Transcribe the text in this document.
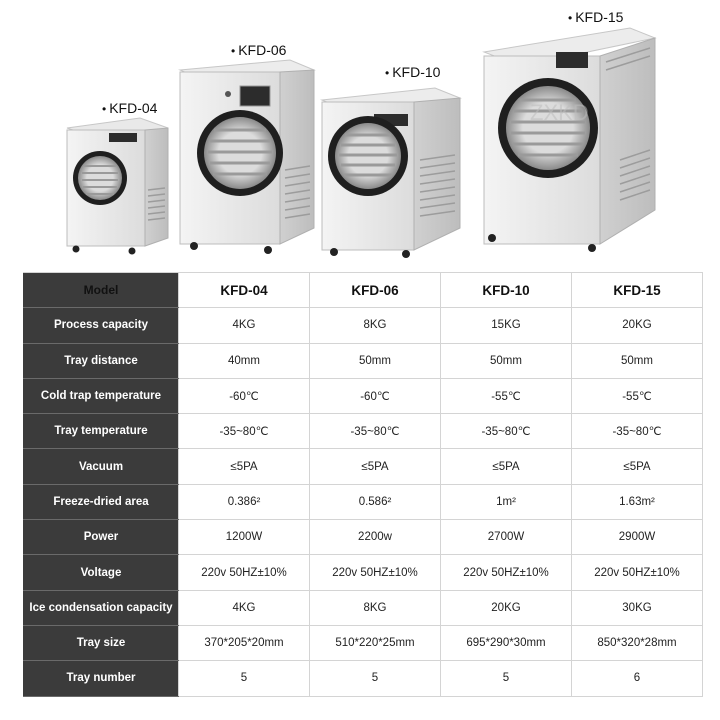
ZXKD
• KFD-04
• KFD-06
• KFD-10
• KFD-15
Model	KFD-04	KFD-06	KFD-10	KFD-15
Process capacity	4KG	8KG	15KG	20KG
Tray distance	40mm	50mm	50mm	50mm
Cold trap temperature	-60℃	-60℃	-55℃	-55℃
Tray temperature	-35~80℃	-35~80℃	-35~80℃	-35~80℃
Vacuum	≤5PA	≤5PA	≤5PA	≤5PA
Freeze-dried area	0.386²	0.586²	1m²	1.63m²
Power	1200W	2200w	2700W	2900W
Voltage	220v 50HZ±10%	220v 50HZ±10%	220v 50HZ±10%	220v 50HZ±10%
Ice condensation capacity	4KG	8KG	20KG	30KG
Tray size	370*205*20mm	510*220*25mm	695*290*30mm	850*320*28mm
Tray number	5	5	5	6
